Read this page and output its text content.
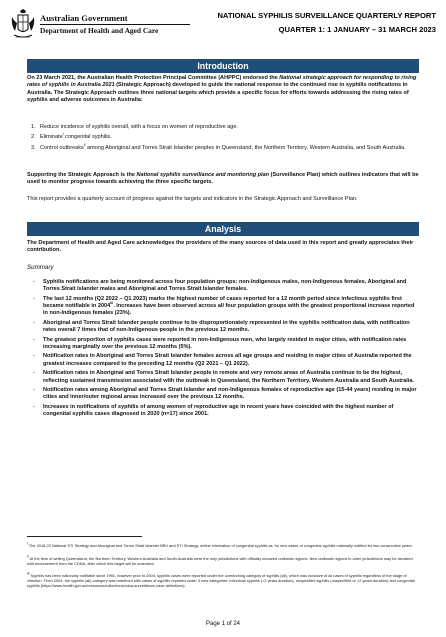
Australian Government
Department of Health and Aged Care
NATIONAL SYPHILIS SURVEILLANCE QUARTERLY REPORT
QUARTER 1: 1 JANUARY – 31 MARCH 2023
Introduction
On 23 March 2021, the Australian Health Protection Principal Committee (AHPPC) endorsed the National strategic approach for responding to rising rates of syphilis in Australia 2021 (Strategic Approach) developed to guide the national response to the continued rise in syphilis notifications in Australia. The Strategic Approach outlines three national targets which provide a specific focus for efforts towards addressing the rising rates of syphilis and adverse outcomes in Australia:
1. Reduce incidence of syphilis overall, with a focus on women of reproductive age.
2. Eliminate$^i$ congenital syphilis.
3. Control outbreaks$^{ii}$ among Aboriginal and Torres Strait Islander peoples in Queensland, the Northern Territory, Western Australia, and South Australia.
Supporting the Strategic Approach is the National syphilis surveillance and monitoring plan (Surveillance Plan) which outlines indicators that will be used to monitor progress towards achieving the three specific targets.
This report provides a quarterly account of progress against the targets and indicators in the Strategic Approach and Surveillance Plan.
Analysis
The Department of Health and Aged Care acknowledges the providers of the many sources of data used in this report and greatly appreciates their contribution.
Summary
- Syphilis notifications are being monitored across four population groups: non-Indigenous males, non-Indigenous females, Aboriginal and Torres Strait Islander males and Aboriginal and Torres Strait Islander females.
- The last 12 months (Q2 2022 – Q1 2023) marks the highest number of cases reported for a 12 month period since infectious syphilis first became notifiable in 2004$^{iii}$. Increases have been observed across all four population groups with the greatest proportional increase reported in non-Indigenous females (23%).
- Aboriginal and Torres Strait Islander people continue to be disproportionately represented in the syphilis notification data, with notification rates overall 7 times that of non-Indigenous people in the previous 12 months.
- The greatest proportion of syphilis cases were reported in non-Indigenous men, who largely resided in major cities, with notification rates increasing marginally over the previous 12 months (5%).
- Notification rates in Aboriginal and Torres Strait Islander females across all age groups and residing in major cities of Australia reported the greatest increases compared to the preceding 12 months (Q2 2021 – Q1 2022).
- Notification rates in Aboriginal and Torres Strait Islander people in remote and very remote areas of Australia continue to be the highest, reflecting sustained transmission associated with the outbreak in Queensland, the Northern Territory, Western Australia and South Australia.
- Notification rates among Aboriginal and Torres Strait Islander and non-Indigenous females of reproductive age (15-44 years) residing in major cities and inner/outer regional areas increased over the previous 12 months.
- Increases in notifications of syphilis of among women of reproductive age in recent years have coincided with the highest number of congenital syphilis cases diagnosed in 2020 (n=17) since 2001.
$^i$ The 2018-22 National STI Strategy and Aboriginal and Torres Strait Islander BBV and STI Strategy, define elimination of congenital syphilis as ‘no new cases of congenital syphilis nationally notified for two consecutive years’.
$^{ii}$ At the time of writing Queensland, the Northern Territory, Western Australia and South Australia were the only jurisdictions with officially declared outbreak regions. New outbreak regions in other jurisdictions may be declared with endorsement from the CDNA, after which this target will be amended.
$^{iii}$ Syphilis has been nationally notifiable since 1991, however prior to 2004, syphilis cases were reported under the overarching category of syphilis (all), which was inclusive of all cases of syphilis regardless of the stage of infection. From 2004, the syphilis (all) category was redefined with cases of syphilis reported under 3 new categories: infectious syphilis (<2 years duration), unspecified syphilis (unspecified or >2 years duration) and congenital syphilis (https://www.health.gov.au/resources/collections/cdna-surveillance-case-definitions).
Page 1 of 24
